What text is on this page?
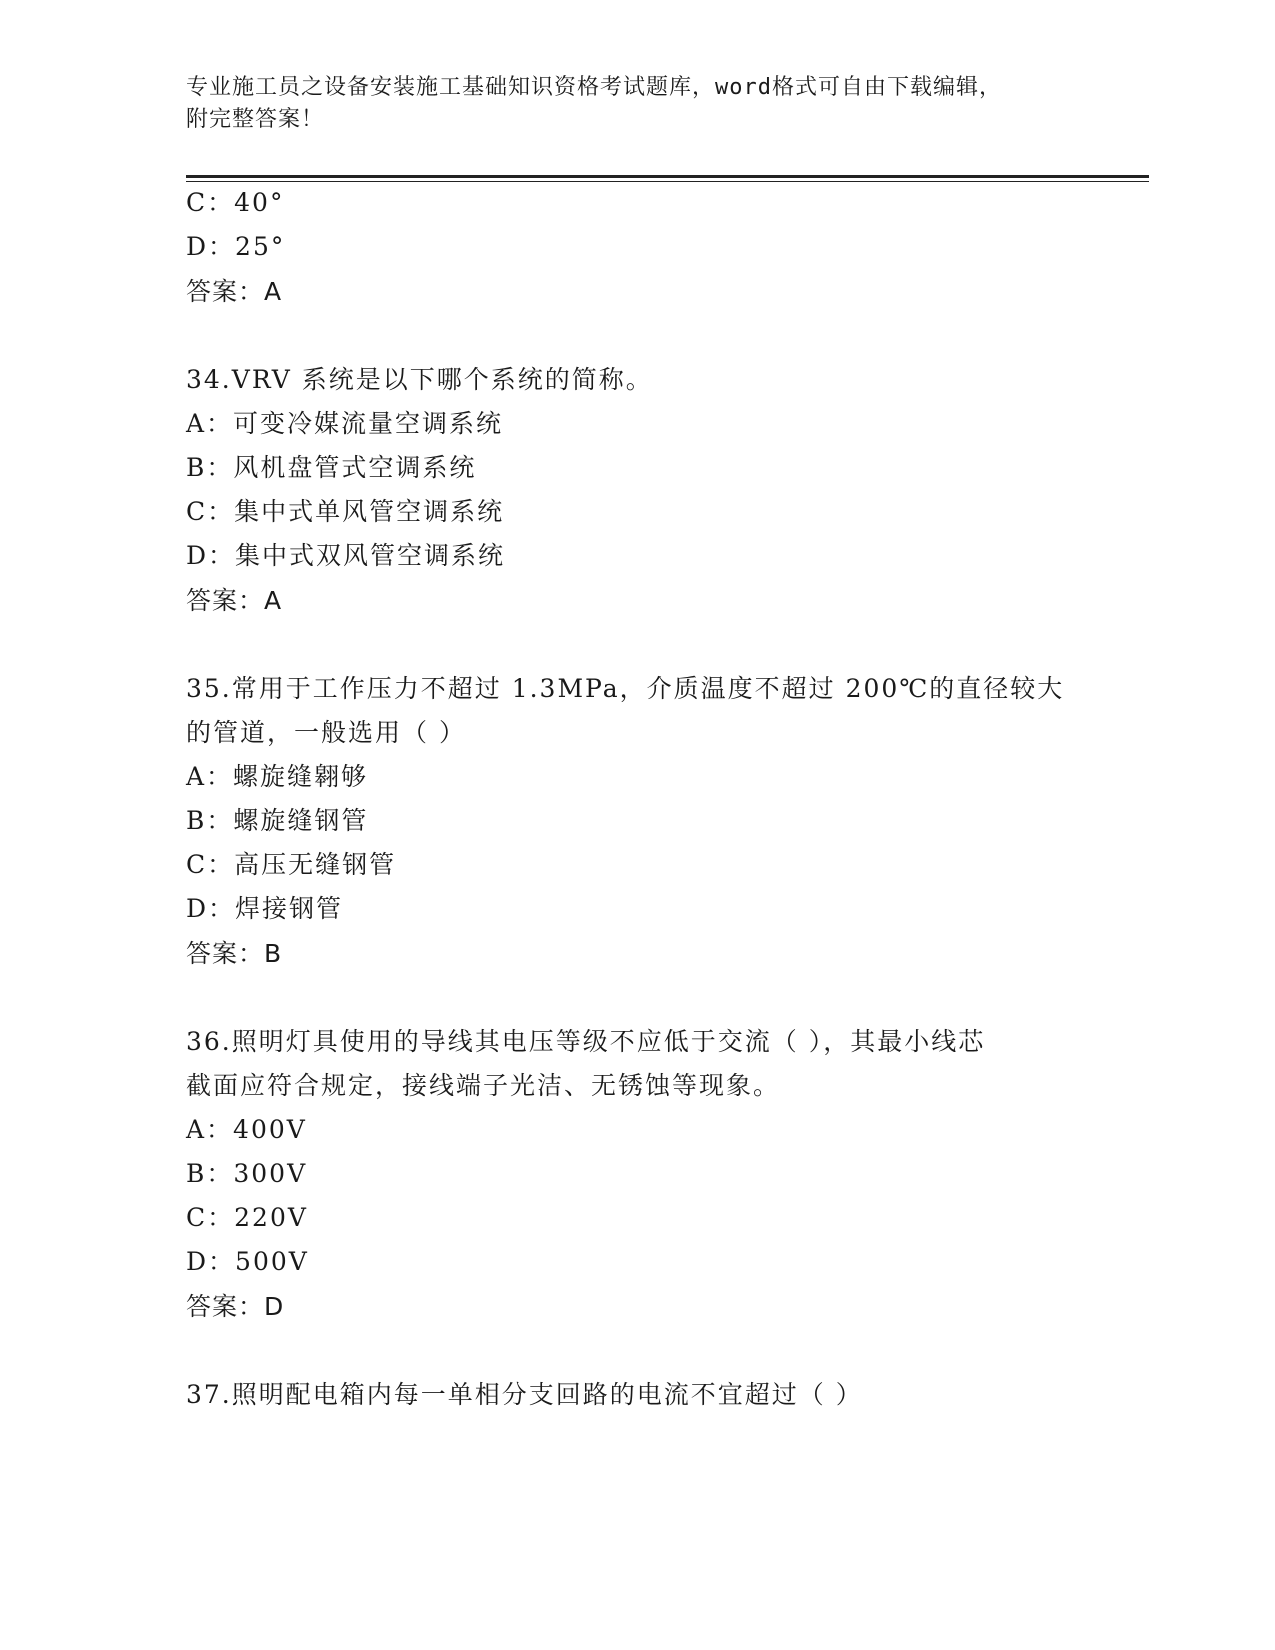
专业施工员之设备安装施工基础知识资格考试题库，word格式可自由下载编辑，
附完整答案！
C：40°
D：25°
答案：A
34.VRV 系统是以下哪个系统的简称。
A：可变冷媒流量空调系统
B：风机盘管式空调系统
C：集中式单风管空调系统
D：集中式双风管空调系统
答案：A
35.常用于工作压力不超过 1.3MPa，介质温度不超过 200℃的直径较大
的管道，一般选用（ ）
A：螺旋缝翱够
B：螺旋缝钢管
C：高压无缝钢管
D：焊接钢管
答案：B
36.照明灯具使用的导线其电压等级不应低于交流（ ），其最小线芯
截面应符合规定，接线端子光洁、无锈蚀等现象。
A：400V
B：300V
C：220V
D：500V
答案：D
37.照明配电箱内每一单相分支回路的电流不宜超过（ ）
